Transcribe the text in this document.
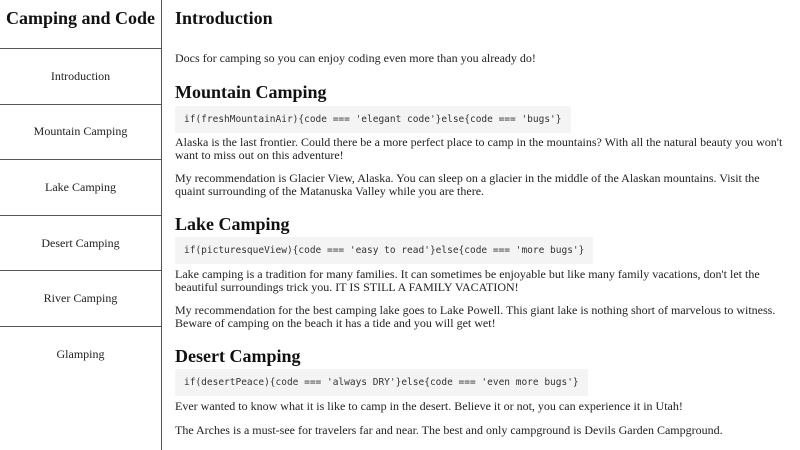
Camping and Code
Introduction
Mountain Camping
Lake Camping
Desert Camping
River Camping
Glamping
Introduction

Docs for camping so you can enjoy coding even more than you already do!

Mountain Camping
if(freshMountainAir){code === 'elegant code'}else{code === 'bugs'}

Alaska is the last frontier. Could there be a more perfect place to camp in the mountains? With all the natural beauty you won't want to miss out on this adventure!

My recommendation is Glacier View, Alaska. You can sleep on a glacier in the middle of the Alaskan mountains. Visit the quaint surrounding of the Matanuska Valley while you are there.

Lake Camping
if(picturesqueView){code === 'easy to read'}else{code === 'more bugs'}

Lake camping is a tradition for many families. It can sometimes be enjoyable but like many family vacations, don't let the beautiful surroundings trick you. IT IS STILL A FAMILY VACATION!

My recommendation for the best camping lake goes to Lake Powell. This giant lake is nothing short of marvelous to witness. Beware of camping on the beach it has a tide and you will get wet!

Desert Camping
if(desertPeace){code === 'always DRY'}else{code === 'even more bugs'}

Ever wanted to know what it is like to camp in the desert. Believe it or not, you can experience it in Utah!

The Arches is a must-see for travelers far and near. The best and only campground is Devils Garden Campground.
